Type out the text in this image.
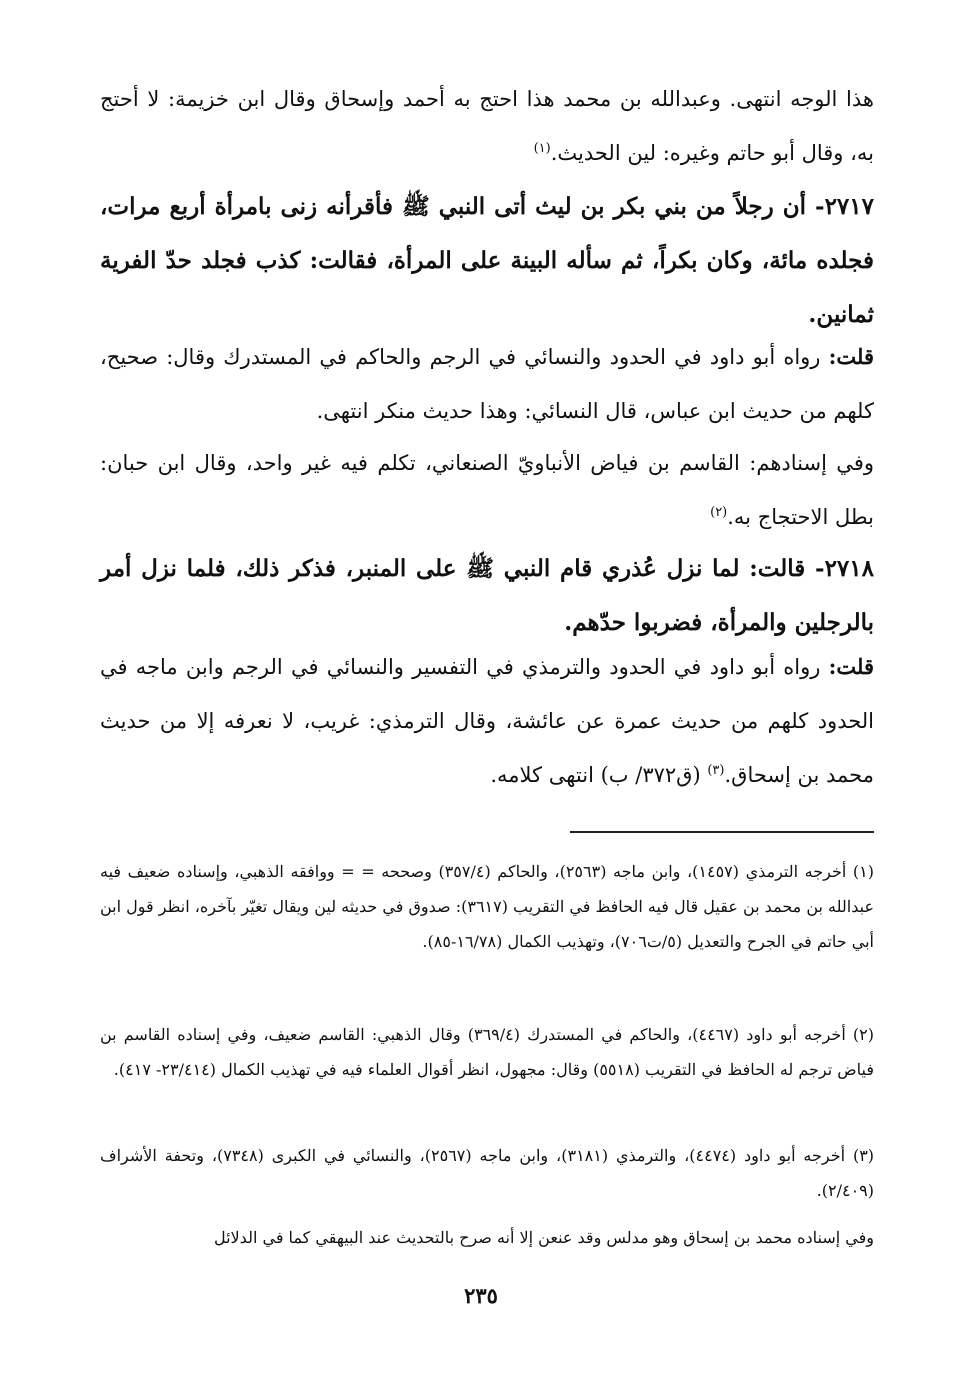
هذا الوجه انتهى. وعبدالله بن محمد هذا احتج به أحمد وإسحاق وقال ابن خزيمة: لا أحتج به، وقال أبو حاتم وغيره: لين الحديث.$^{(١)}$
٢٧١٧- أن رجلاً من بني بكر بن ليث أتى النبي ﷺ فأقرأنه زنى بامرأة أربع مرات، فجلده مائة، وكان بكراً، ثم سأله البينة على المرأة، فقالت: كذب فجلد حدّ الفرية ثمانين.
قلت: رواه أبو داود في الحدود والنسائي في الرجم والحاكم في المستدرك وقال: صحيح، كلهم من حديث ابن عباس، قال النسائي: وهذا حديث منكر انتهى.
وفي إسنادهم: القاسم بن فياض الأنباويّ الصنعاني، تكلم فيه غير واحد، وقال ابن حبان: بطل الاحتجاج به.$^{(٢)}$
٢٧١٨- قالت: لما نزل عُذري قام النبي ﷺ على المنبر، فذكر ذلك، فلما نزل أمر بالرجلين والمرأة، فضربوا حدّهم.
قلت: رواه أبو داود في الحدود والترمذي في التفسير والنسائي في الرجم وابن ماجه في الحدود كلهم من حديث عمرة عن عائشة، وقال الترمذي: غريب، لا نعرفه إلا من حديث محمد بن إسحاق.$^{(٣)}$ (ق٣٧٢/ ب) انتهى كلامه.
(١) أخرجه الترمذي (١٤٥٧)، وابن ماجه (٢٥٦٣)، والحاكم (٣٥٧/٤) وصححه = = ووافقه الذهبي، وإسناده ضعيف فيه عبدالله بن محمد بن عقيل قال فيه الحافظ في التقريب (٣٦١٧): صدوق في حديثه لين ويقال تغيّر بآخره، انظر قول ابن أبي حاتم في الجرح والتعديل (٥/ت٧٠٦)، وتهذيب الكمال (١٦/٧٨-٨٥).
(٢) أخرجه أبو داود (٤٤٦٧)، والحاكم في المستدرك (٣٦٩/٤) وقال الذهبي: القاسم ضعيف، وفي إسناده القاسم بن فياض ترجم له الحافظ في التقريب (٥٥١٨) وقال: مجهول، انظر أقوال العلماء فيه في تهذيب الكمال (٢٣/٤١٤- ٤١٧).
(٣) أخرجه أبو داود (٤٤٧٤)، والترمذي (٣١٨١)، وابن ماجه (٢٥٦٧)، والنسائي في الكبرى (٧٣٤٨)، وتحفة الأشراف (٢/٤٠٩).
وفي إسناده محمد بن إسحاق وهو مدلس وقد عنعن إلا أنه صرح بالتحديث عند البيهقي كما في الدلائل
٢٣٥
